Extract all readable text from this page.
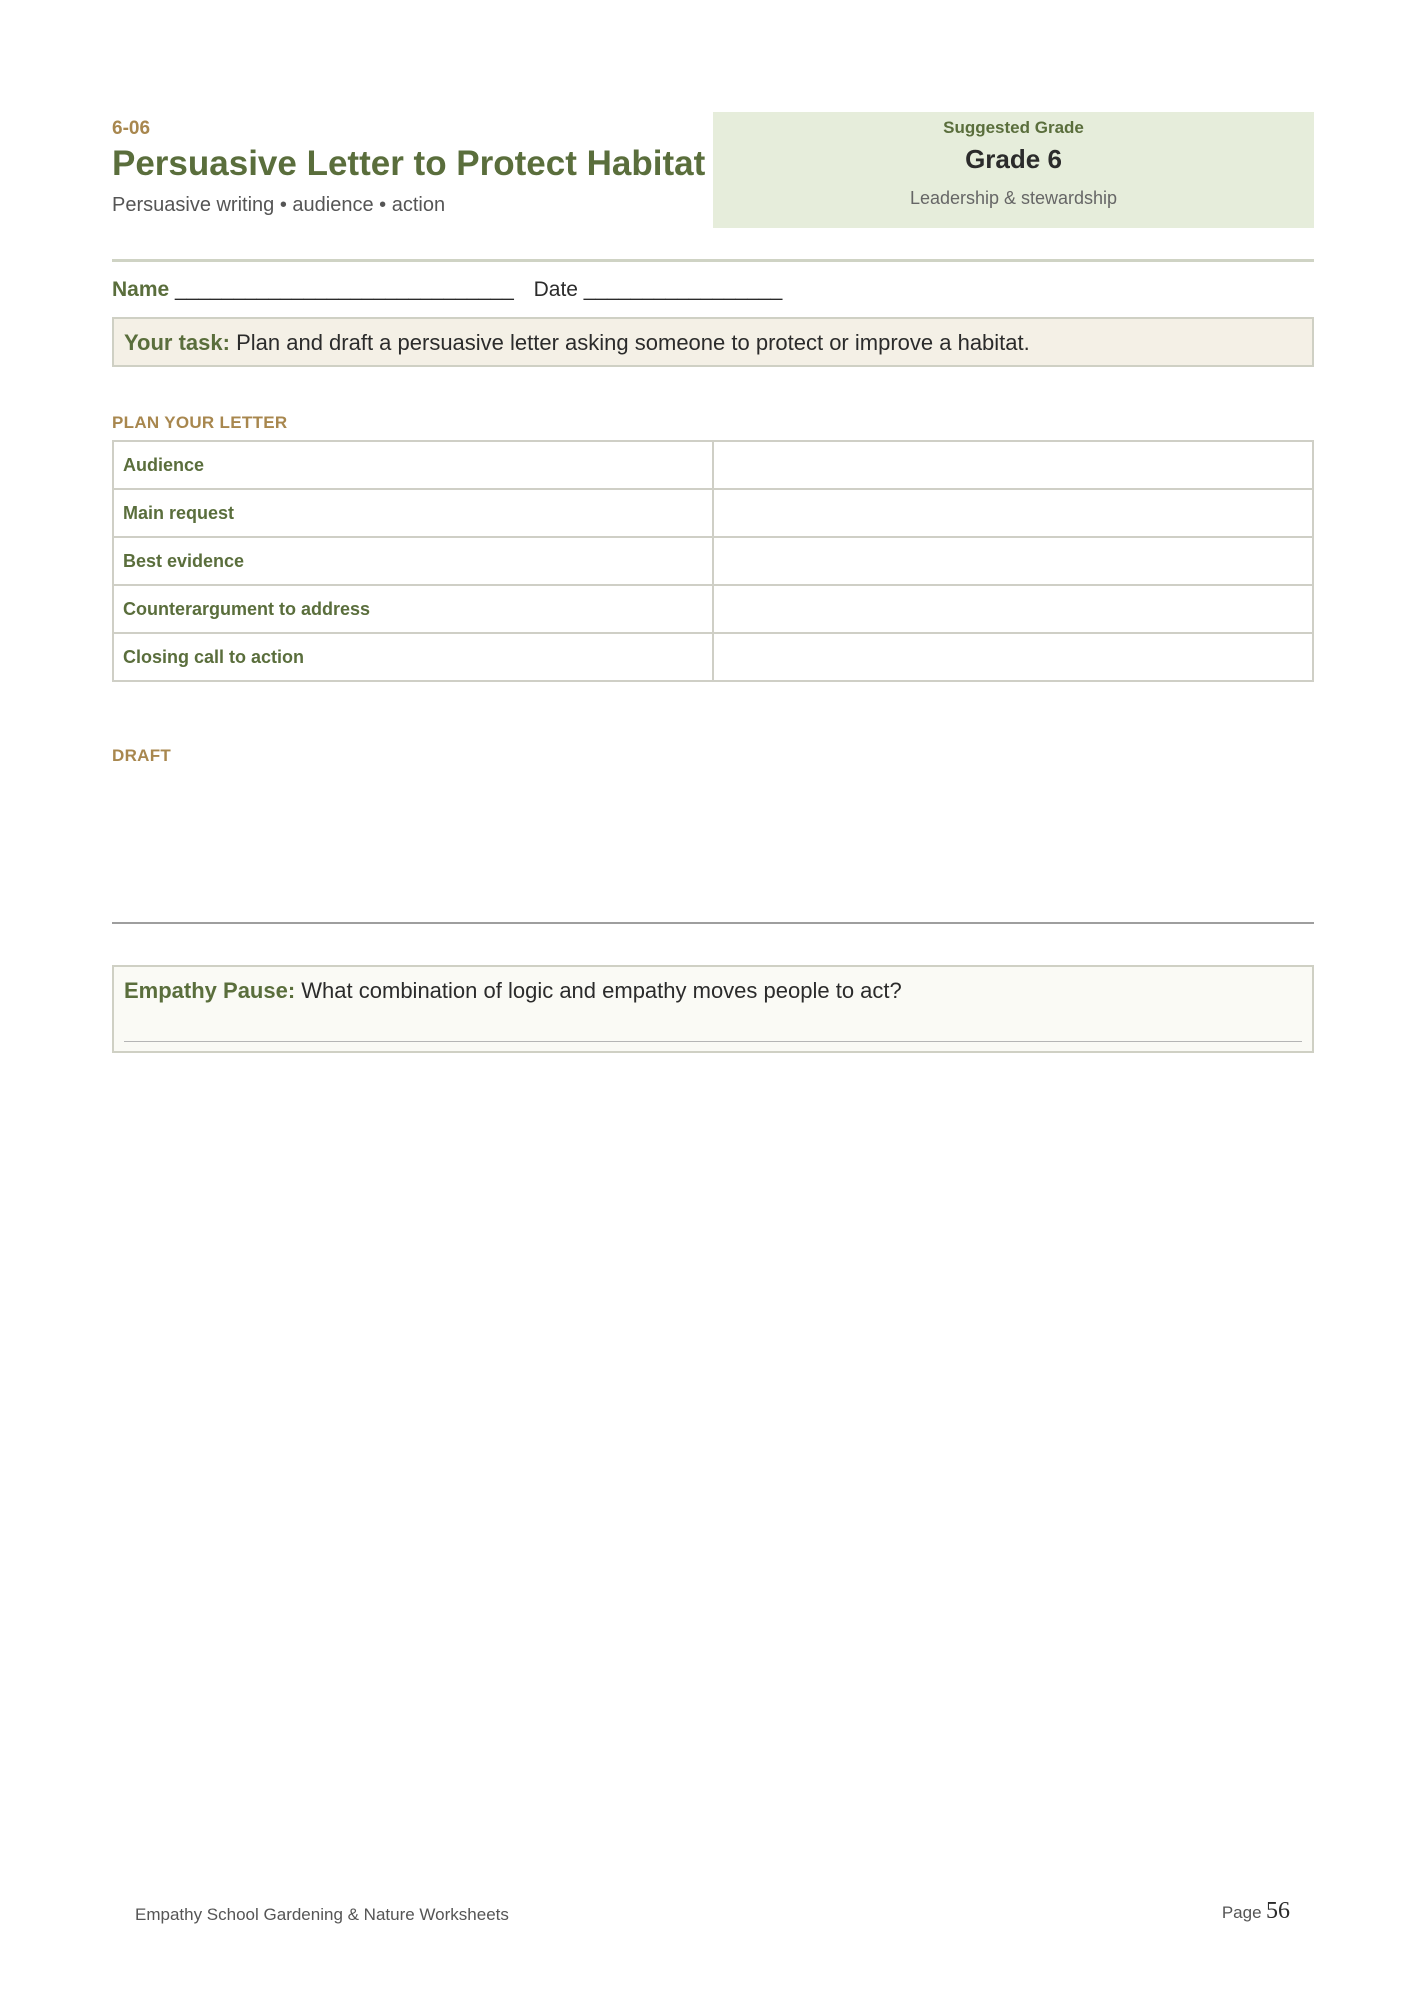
6-06
Persuasive Letter to Protect Habitat
Persuasive writing • audience • action
Suggested Grade
Grade 6
Leadership & stewardship
Name _____________________________ Date _________________
Your task: Plan and draft a persuasive letter asking someone to protect or improve a habitat.
PLAN YOUR LETTER
Audience	
Main request	
Best evidence	
Counterargument to address	
Closing call to action	
DRAFT
Empathy Pause: What combination of logic and empathy moves people to act?
Empathy School Gardening & Nature Worksheets	Page 56
